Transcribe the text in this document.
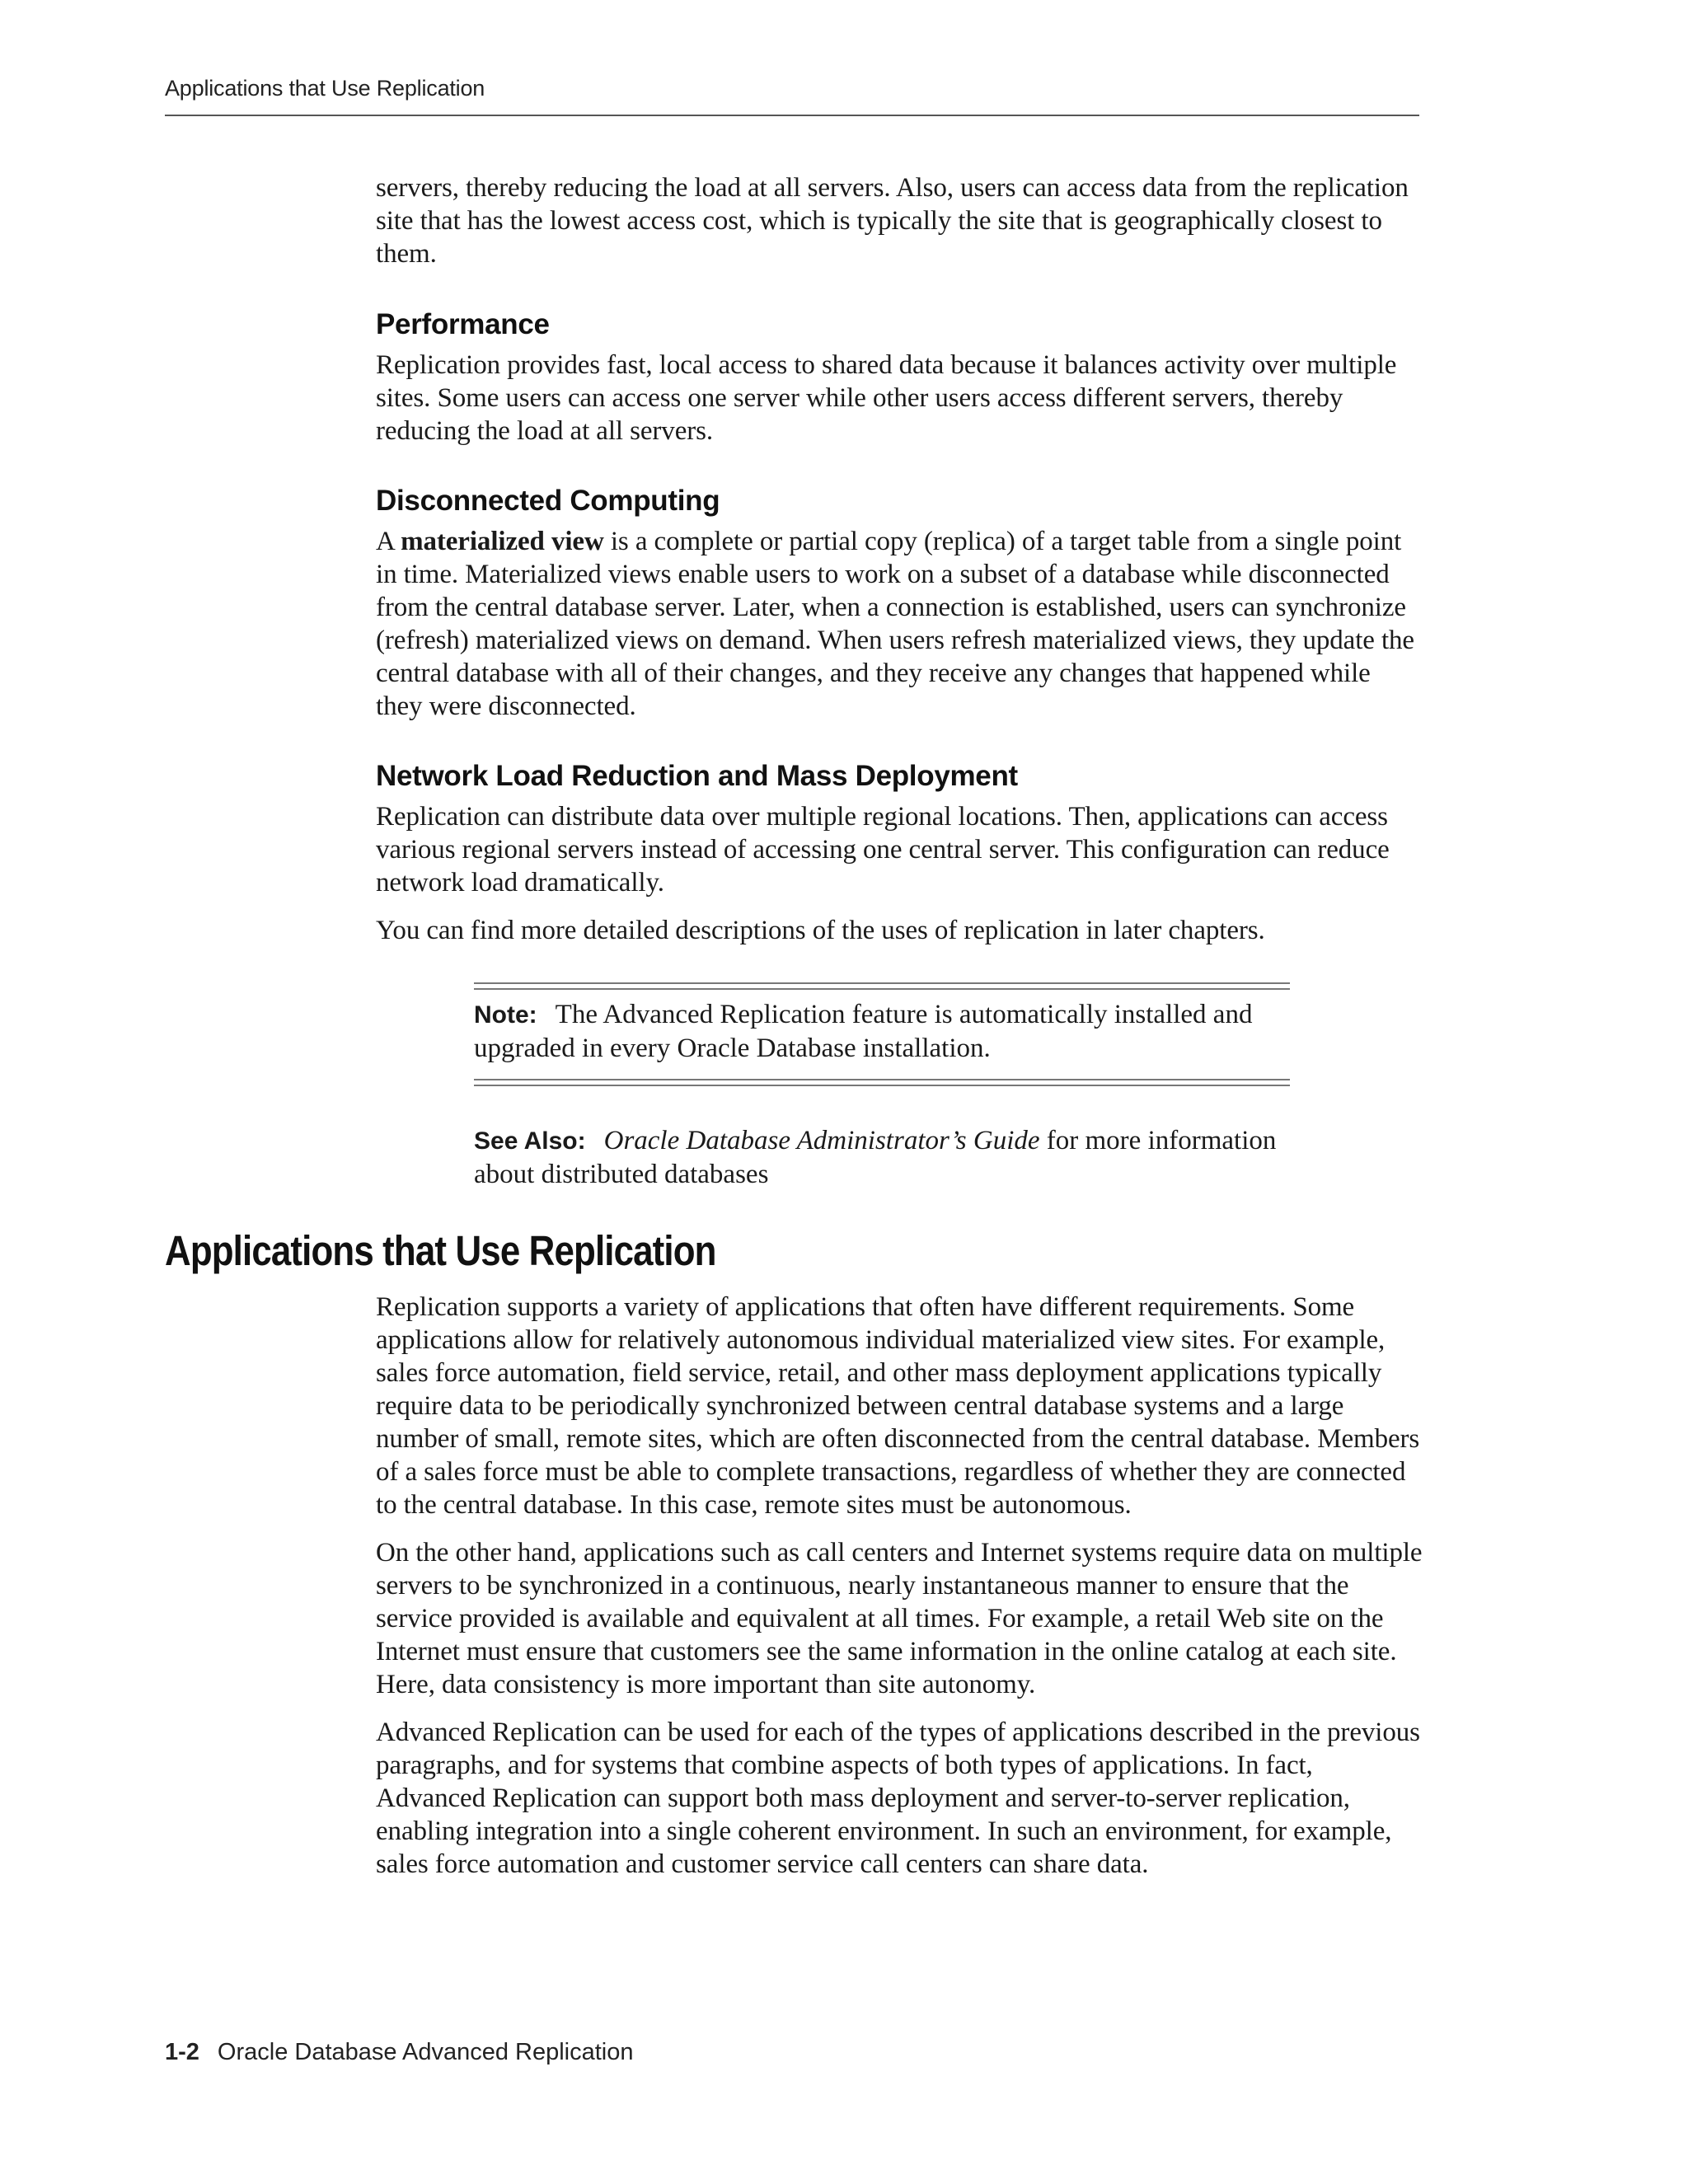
Applications that Use Replication

servers, thereby reducing the load at all servers. Also, users can access data from the replication site that has the lowest access cost, which is typically the site that is geographically closest to them.

Performance

Replication provides fast, local access to shared data because it balances activity over multiple sites. Some users can access one server while other users access different servers, thereby reducing the load at all servers.

Disconnected Computing

A materialized view is a complete or partial copy (replica) of a target table from a single point in time. Materialized views enable users to work on a subset of a database while disconnected from the central database server. Later, when a connection is established, users can synchronize (refresh) materialized views on demand. When users refresh materialized views, they update the central database with all of their changes, and they receive any changes that happened while they were disconnected.

Network Load Reduction and Mass Deployment

Replication can distribute data over multiple regional locations. Then, applications can access various regional servers instead of accessing one central server. This configuration can reduce network load dramatically.

You can find more detailed descriptions of the uses of replication in later chapters.

Note: The Advanced Replication feature is automatically installed and upgraded in every Oracle Database installation.

See Also: Oracle Database Administrator’s Guide for more information about distributed databases

Applications that Use Replication

Replication supports a variety of applications that often have different requirements. Some applications allow for relatively autonomous individual materialized view sites. For example, sales force automation, field service, retail, and other mass deployment applications typically require data to be periodically synchronized between central database systems and a large number of small, remote sites, which are often disconnected from the central database. Members of a sales force must be able to complete transactions, regardless of whether they are connected to the central database. In this case, remote sites must be autonomous.

On the other hand, applications such as call centers and Internet systems require data on multiple servers to be synchronized in a continuous, nearly instantaneous manner to ensure that the service provided is available and equivalent at all times. For example, a retail Web site on the Internet must ensure that customers see the same information in the online catalog at each site. Here, data consistency is more important than site autonomy.

Advanced Replication can be used for each of the types of applications described in the previous paragraphs, and for systems that combine aspects of both types of applications. In fact, Advanced Replication can support both mass deployment and server-to-server replication, enabling integration into a single coherent environment. In such an environment, for example, sales force automation and customer service call centers can share data.

1-2 Oracle Database Advanced Replication
